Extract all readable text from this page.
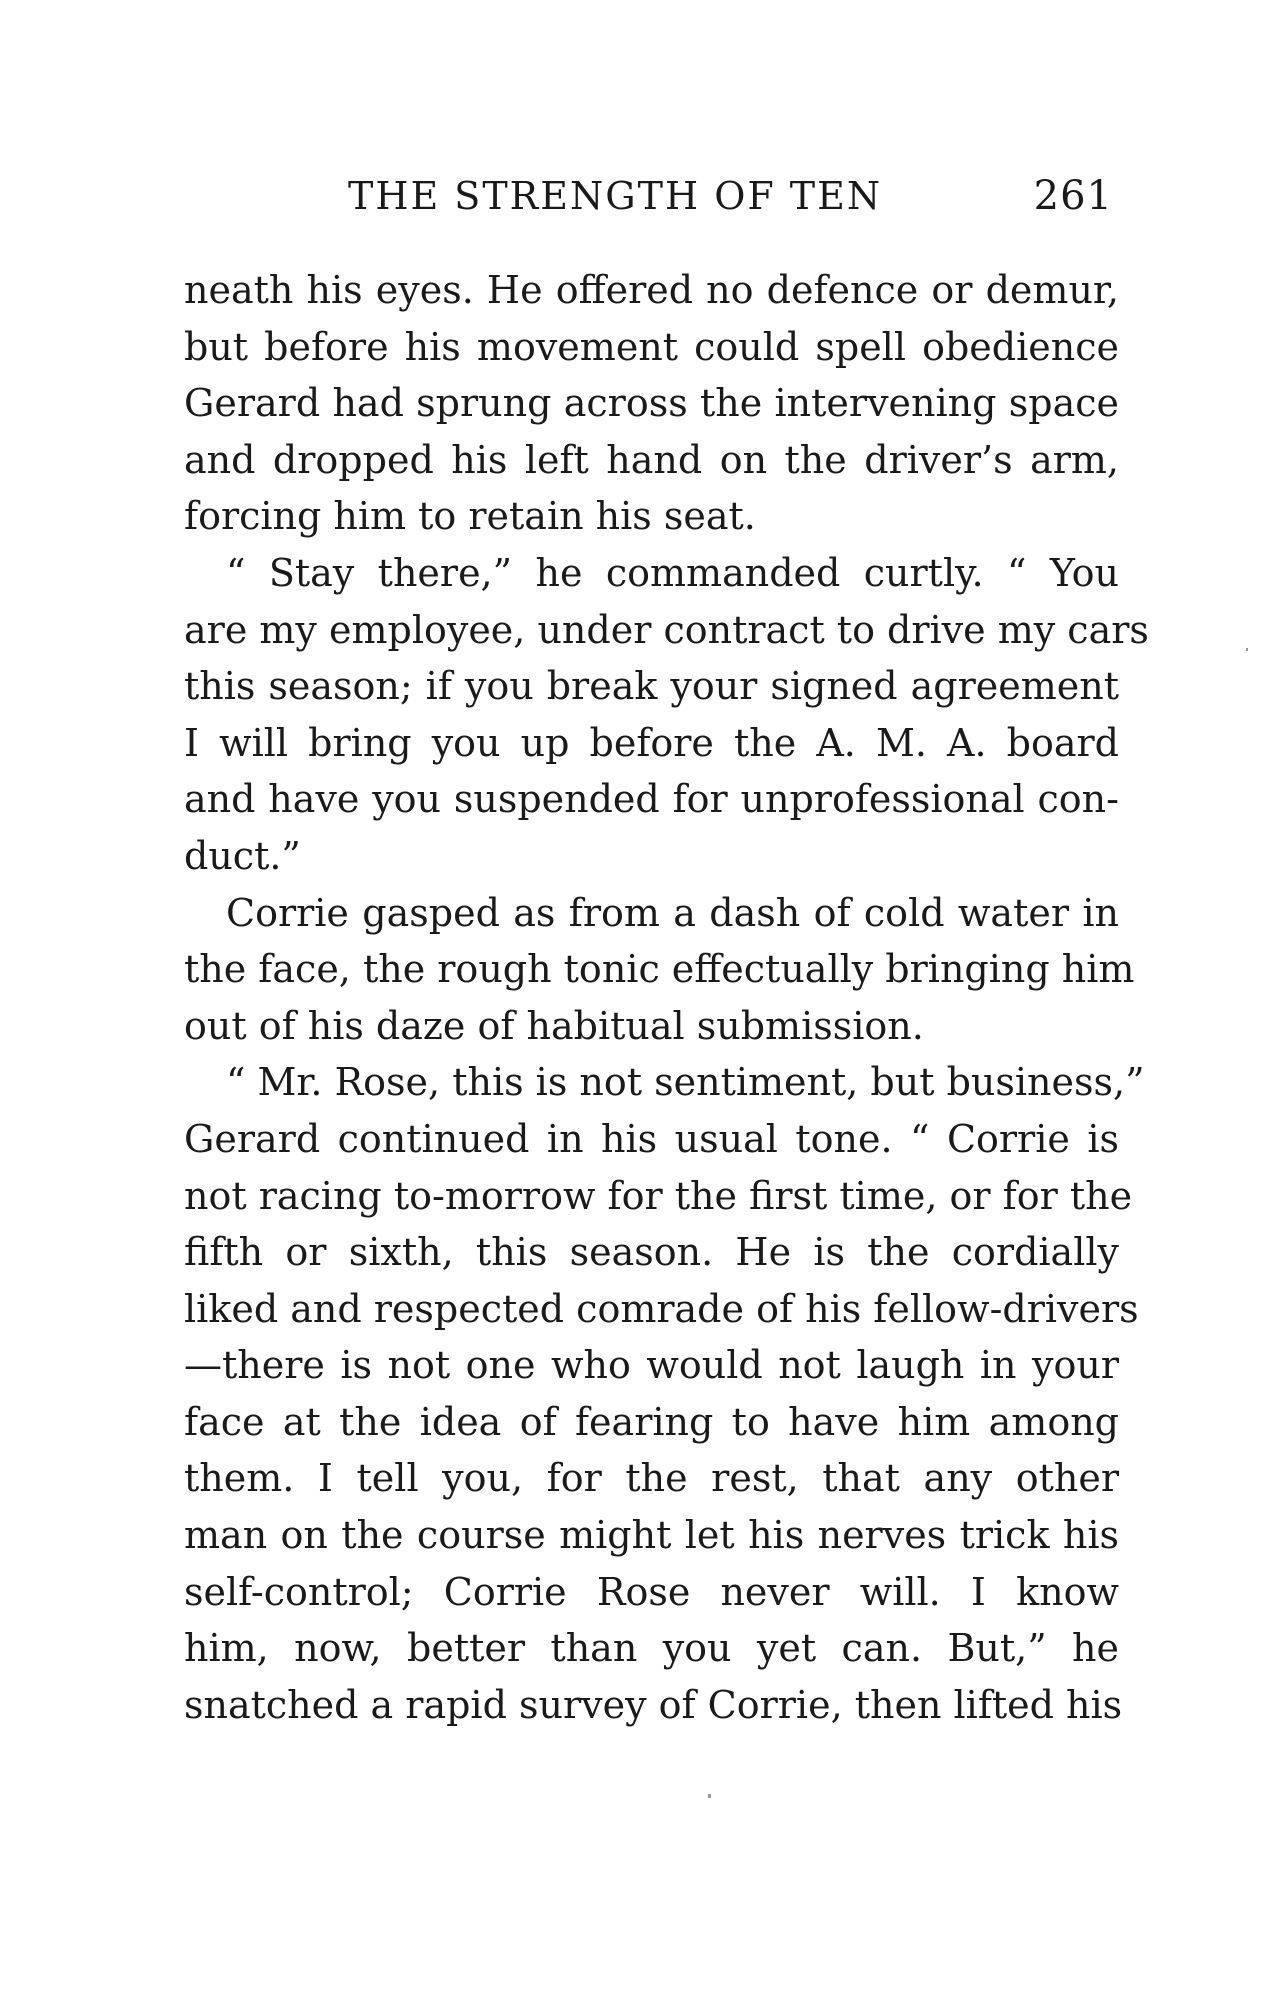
THE STRENGTH OF TEN	261
neath his eyes. He offered no defence or demur,
but before his movement could spell obedience
Gerard had sprung across the intervening space
and dropped his left hand on the driver’s arm,
forcing him to retain his seat.
“ Stay there,” he commanded curtly. “ You
are my employee, under contract to drive my cars
this season; if you break your signed agreement
I will bring you up before the A. M. A. board
and have you suspended for unprofessional con-
duct.”
Corrie gasped as from a dash of cold water in
the face, the rough tonic effectually bringing him
out of his daze of habitual submission.
“ Mr. Rose, this is not sentiment, but business,”
Gerard continued in his usual tone. “ Corrie is
not racing to-morrow for the first time, or for the
fifth or sixth, this season. He is the cordially
liked and respected comrade of his fellow-drivers
—there is not one who would not laugh in your
face at the idea of fearing to have him among
them. I tell you, for the rest, that any other
man on the course might let his nerves trick his
self-control; Corrie Rose never will. I know
him, now, better than you yet can. But,” he
snatched a rapid survey of Corrie, then lifted his
